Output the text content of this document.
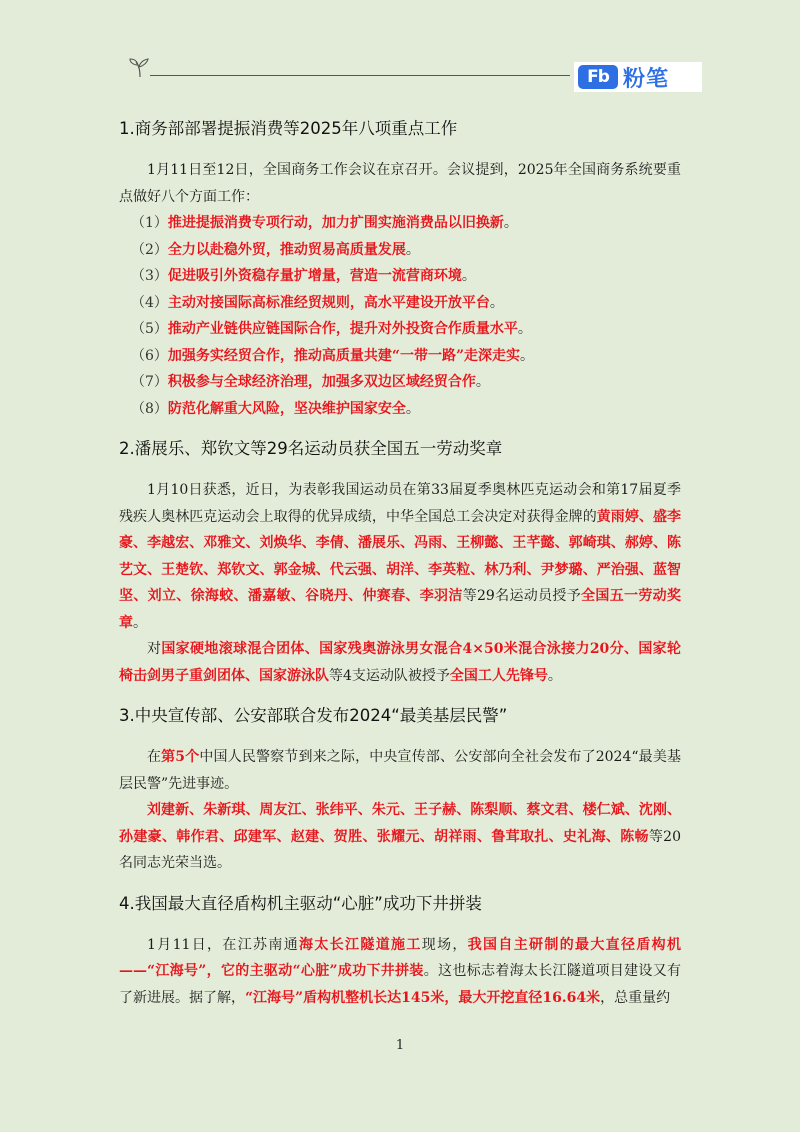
Fb 粉笔
1.商务部部署提振消费等2025年八项重点工作

1月11日至12日，全国商务工作会议在京召开。会议提到，2025年全国商务系统要重点做好八个方面工作：

（1）推进提振消费专项行动，加力扩围实施消费品以旧换新。

（2）全力以赴稳外贸，推动贸易高质量发展。

（3）促进吸引外资稳存量扩增量，营造一流营商环境。

（4）主动对接国际高标准经贸规则，高水平建设开放平台。

（5）推动产业链供应链国际合作，提升对外投资合作质量水平。

（6）加强务实经贸合作，推动高质量共建“一带一路”走深走实。

（7）积极参与全球经济治理，加强多双边区域经贸合作。

（8）防范化解重大风险，坚决维护国家安全。

2.潘展乐、郑钦文等29名运动员获全国五一劳动奖章

1月10日获悉，近日，为表彰我国运动员在第33届夏季奥林匹克运动会和第17届夏季残疾人奥林匹克运动会上取得的优异成绩，中华全国总工会决定对获得金牌的黄雨婷、盛李豪、李越宏、邓雅文、刘焕华、李倩、潘展乐、冯雨、王柳懿、王芊懿、郭崎琪、郝婷、陈艺文、王楚钦、郑钦文、郭金城、代云强、胡洋、李英粒、林乃利、尹梦璐、严治强、蓝智坚、刘立、徐海蛟、潘嘉敏、谷晓丹、仲赛春、李羽洁等29名运动员授予全国五一劳动奖章。

对国家硬地滚球混合团体、国家残奥游泳男女混合4×50米混合泳接力20分、国家轮椅击剑男子重剑团体、国家游泳队等4支运动队被授予全国工人先锋号。

3.中央宣传部、公安部联合发布2024“最美基层民警”

在第5个中国人民警察节到来之际，中央宣传部、公安部向全社会发布了2024“最美基层民警”先进事迹。

刘建新、朱新琪、周友江、张纬平、朱元、王子赫、陈梨顺、蔡文君、楼仁斌、沈刚、孙建豪、韩作君、邱建军、赵建、贺胜、张耀元、胡祥雨、鲁茸取扎、史礼海、陈畅等20名同志光荣当选。

4.我国最大直径盾构机主驱动“心脏”成功下井拼装

1月11日，在江苏南通海太长江隧道施工现场，我国自主研制的最大直径盾构机——“江海号”，它的主驱动“心脏”成功下井拼装。这也标志着海太长江隧道项目建设又有了新进展。据了解，“江海号”盾构机整机长达145米，最大开挖直径16.64米，总重量约

1
